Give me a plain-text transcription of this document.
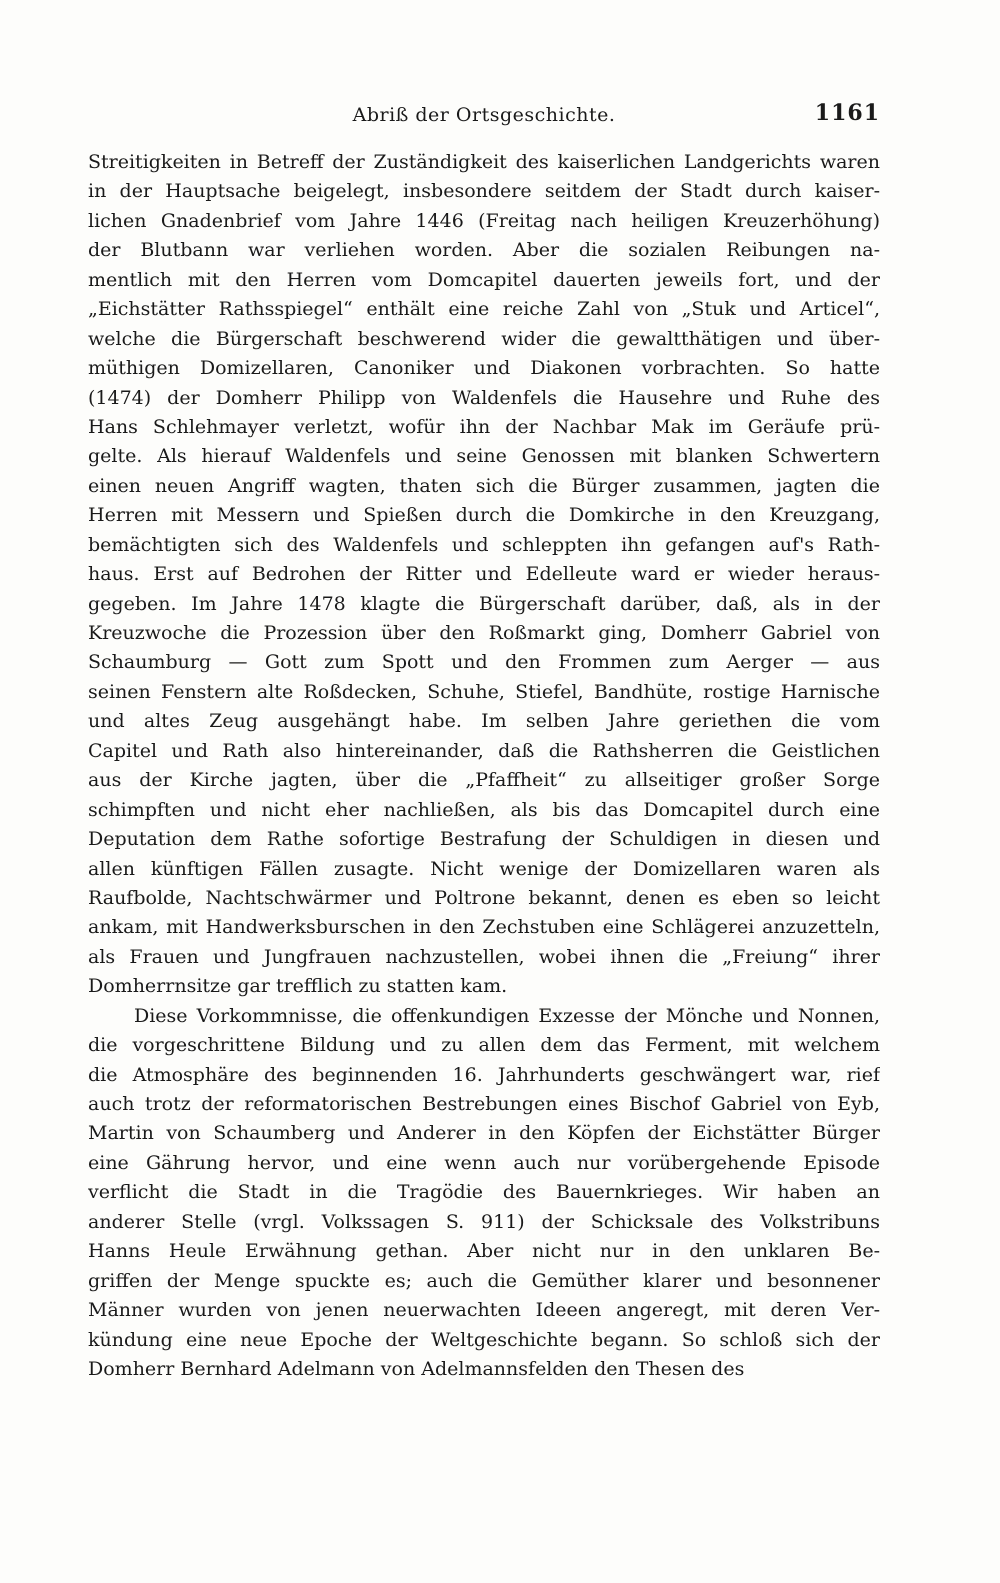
Abriß der Ortsgeschichte.	1161
Streitigkeiten in Betreff der Zuständigkeit des kaiserlichen Landgerichts waren
in der Hauptsache beigelegt, insbesondere seitdem der Stadt durch kaiser-
lichen Gnadenbrief vom Jahre 1446 (Freitag nach heiligen Kreuzerhöhung)
der Blutbann war verliehen worden. Aber die sozialen Reibungen na-
mentlich mit den Herren vom Domcapitel dauerten jeweils fort, und der
„Eichstätter Rathsspiegel“ enthält eine reiche Zahl von „Stuk und Articel“,
welche die Bürgerschaft beschwerend wider die gewaltthätigen und über-
müthigen Domizellaren, Canoniker und Diakonen vorbrachten. So hatte
(1474) der Domherr Philipp von Waldenfels die Hausehre und Ruhe des
Hans Schlehmayer verletzt, wofür ihn der Nachbar Mak im Geräufe prü-
gelte. Als hierauf Waldenfels und seine Genossen mit blanken Schwertern
einen neuen Angriff wagten, thaten sich die Bürger zusammen, jagten die
Herren mit Messern und Spießen durch die Domkirche in den Kreuzgang,
bemächtigten sich des Waldenfels und schleppten ihn gefangen auf's Rath-
haus. Erst auf Bedrohen der Ritter und Edelleute ward er wieder heraus-
gegeben. Im Jahre 1478 klagte die Bürgerschaft darüber, daß, als in der
Kreuzwoche die Prozession über den Roßmarkt ging, Domherr Gabriel von
Schaumburg — Gott zum Spott und den Frommen zum Aerger — aus
seinen Fenstern alte Roßdecken, Schuhe, Stiefel, Bandhüte, rostige Harnische
und altes Zeug ausgehängt habe. Im selben Jahre geriethen die vom
Capitel und Rath also hintereinander, daß die Rathsherren die Geistlichen
aus der Kirche jagten, über die „Pfaffheit“ zu allseitiger großer Sorge
schimpften und nicht eher nachließen, als bis das Domcapitel durch eine
Deputation dem Rathe sofortige Bestrafung der Schuldigen in diesen und
allen künftigen Fällen zusagte. Nicht wenige der Domizellaren waren als
Raufbolde, Nachtschwärmer und Poltrone bekannt, denen es eben so leicht
ankam, mit Handwerksburschen in den Zechstuben eine Schlägerei anzuzetteln,
als Frauen und Jungfrauen nachzustellen, wobei ihnen die „Freiung“ ihrer
Domherrnsitze gar trefflich zu statten kam.
Diese Vorkommnisse, die offenkundigen Exzesse der Mönche und Nonnen,
die vorgeschrittene Bildung und zu allen dem das Ferment, mit welchem
die Atmosphäre des beginnenden 16. Jahrhunderts geschwängert war, rief
auch trotz der reformatorischen Bestrebungen eines Bischof Gabriel von Eyb,
Martin von Schaumberg und Anderer in den Köpfen der Eichstätter Bürger
eine Gährung hervor, und eine wenn auch nur vorübergehende Episode
verflicht die Stadt in die Tragödie des Bauernkrieges. Wir haben an
anderer Stelle (vrgl. Volkssagen S. 911) der Schicksale des Volkstribuns
Hanns Heule Erwähnung gethan. Aber nicht nur in den unklaren Be-
griffen der Menge spuckte es; auch die Gemüther klarer und besonnener
Männer wurden von jenen neuerwachten Ideeen angeregt, mit deren Ver-
kündung eine neue Epoche der Weltgeschichte begann. So schloß sich der
Domherr Bernhard Adelmann von Adelmannsfelden den Thesen des
